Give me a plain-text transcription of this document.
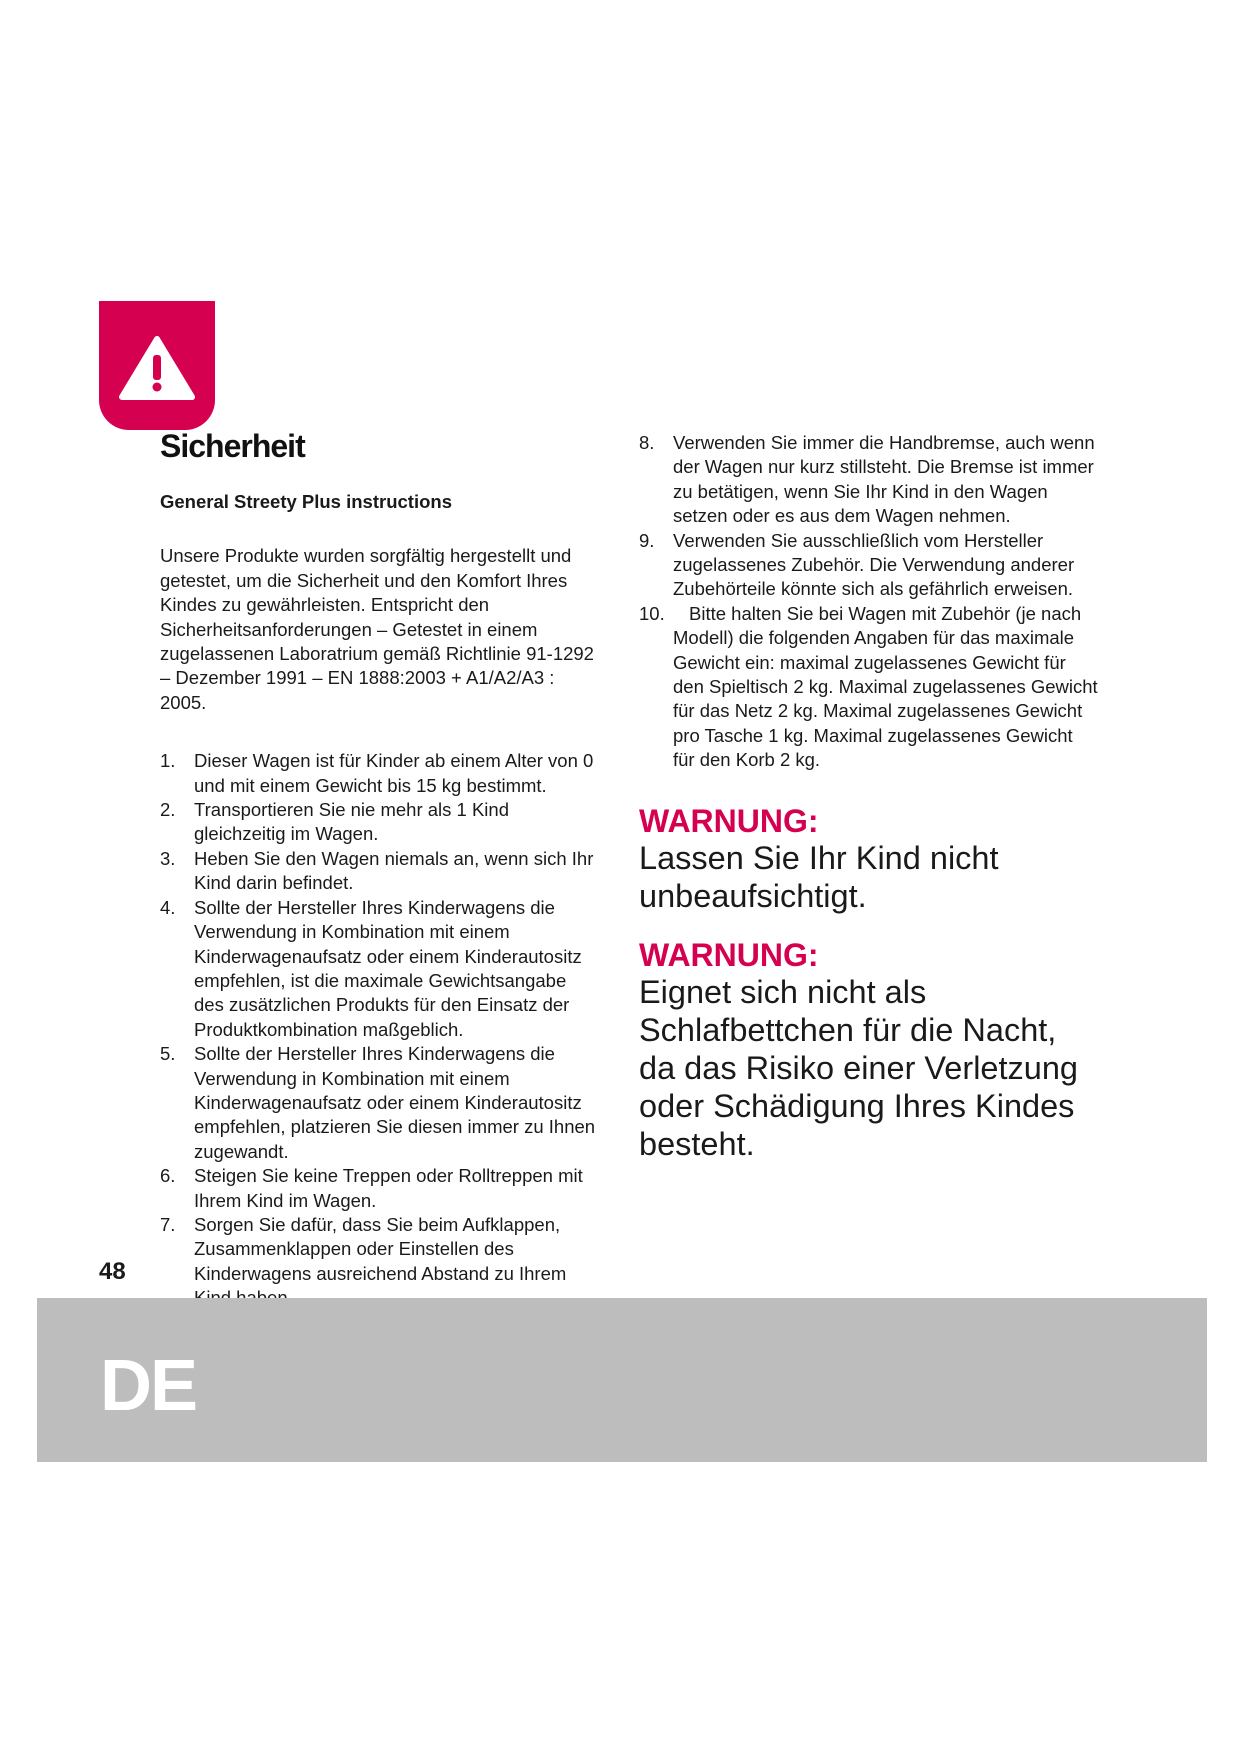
Sicherheit

General Streety Plus instructions

Unsere Produkte wurden sorgfältig hergestellt und getestet, um die Sicherheit und den Komfort Ihres Kindes zu gewährleisten. Entspricht den Sicherheitsanforderungen – Getestet in einem zugelassenen Laboratrium gemäß Richtlinie 91-1292 – Dezember 1991 – EN 1888:2003 + A1/A2/A3 : 2005.

1. Dieser Wagen ist für Kinder ab einem Alter von 0 und mit einem Gewicht bis 15 kg bestimmt.
2. Transportieren Sie nie mehr als 1 Kind gleichzeitig im Wagen.
3. Heben Sie den Wagen niemals an, wenn sich Ihr Kind darin befindet.
4. Sollte der Hersteller Ihres Kinderwagens die Verwendung in Kombination mit einem Kinderwagenaufsatz oder einem Kinderautositz empfehlen, ist die maximale Gewichtsangabe des zusätzlichen Produkts für den Einsatz der Produktkombination maßgeblich.
5. Sollte der Hersteller Ihres Kinderwagens die Verwendung in Kombination mit einem Kinderwagenaufsatz oder einem Kinderautositz empfehlen, platzieren Sie diesen immer zu Ihnen zugewandt.
6. Steigen Sie keine Treppen oder Rolltreppen mit Ihrem Kind im Wagen.
7. Sorgen Sie dafür, dass Sie beim Aufklappen, Zusammenklappen oder Einstellen des Kinderwagens ausreichend Abstand zu Ihrem
8. Verwenden Sie immer die Handbremse, auch wenn der Wagen nur kurz stillsteht. Die Bremse ist immer zu betätigen, wenn Sie Ihr Kind in den Wagen setzen oder es aus dem Wagen nehmen.
9. Verwenden Sie ausschließlich vom Hersteller zugelassenes Zubehör. Die Verwendung anderer Zubehörteile könnte sich als gefährlich erweisen.
10. Bitte halten Sie bei Wagen mit Zubehör (je nach Modell) die folgenden Angaben für das maximale Gewicht ein: maximal zugelassenes Gewicht für den Spieltisch 2 kg. Maximal zugelassenes Gewicht für das Netz 2 kg. Maximal zugelassenes Gewicht pro Tasche 1 kg. Maximal zugelassenes Gewicht für den Korb 2 kg.

WARNUNG:

Lassen Sie Ihr Kind nicht unbeaufsichtigt.

WARNUNG:

Eignet sich nicht als Schlafbettchen für die Nacht, da das Risiko einer Verletzung oder Schädigung Ihres Kindes besteht.

48
DE
